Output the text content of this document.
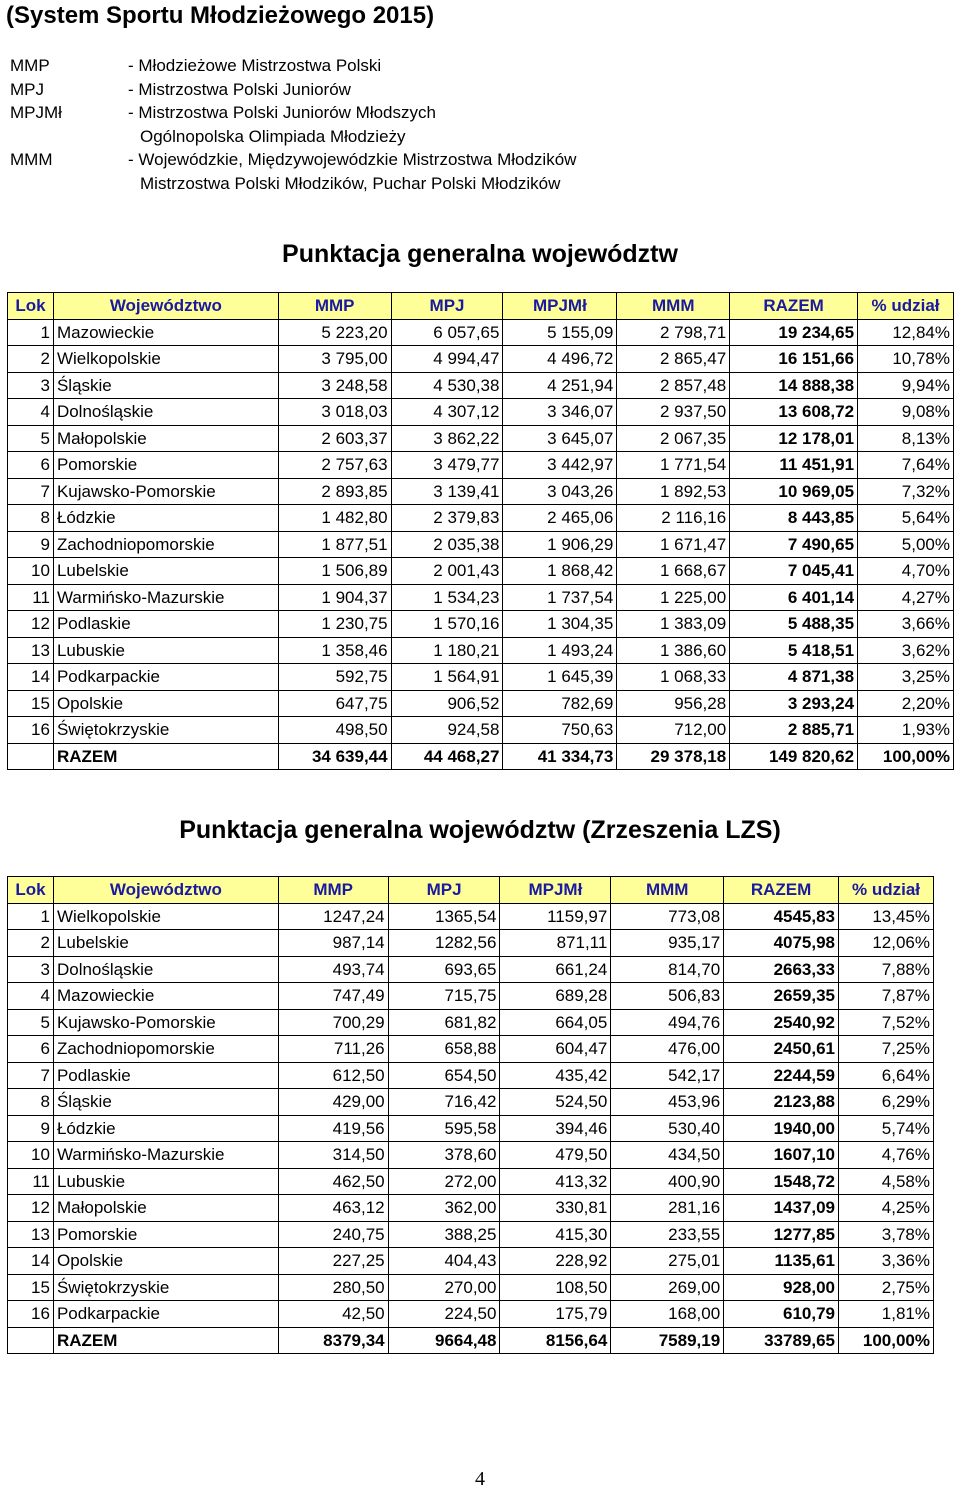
(System Sportu Młodzieżowego 2015)
MMP	- Młodzieżowe Mistrzostwa Polski
MPJ	- Mistrzostwa Polski Juniorów
MPJMł	- Mistrzostwa Polski Juniorów Młodszych
	Ogólnopolska Olimpiada Młodzieży
MMM	- Wojewódzkie, Międzywojewódzkie Mistrzostwa Młodzików
	Mistrzostwa Polski Młodzików, Puchar Polski Młodzików
Punktacja generalna województw
Lok	Województwo	MMP	MPJ	MPJMł	MMM	RAZEM	% udział
1	Mazowieckie	5 223,20	6 057,65	5 155,09	2 798,71	19 234,65	12,84%
2	Wielkopolskie	3 795,00	4 994,47	4 496,72	2 865,47	16 151,66	10,78%
3	Śląskie	3 248,58	4 530,38	4 251,94	2 857,48	14 888,38	9,94%
4	Dolnośląskie	3 018,03	4 307,12	3 346,07	2 937,50	13 608,72	9,08%
5	Małopolskie	2 603,37	3 862,22	3 645,07	2 067,35	12 178,01	8,13%
6	Pomorskie	2 757,63	3 479,77	3 442,97	1 771,54	11 451,91	7,64%
7	Kujawsko-Pomorskie	2 893,85	3 139,41	3 043,26	1 892,53	10 969,05	7,32%
8	Łódzkie	1 482,80	2 379,83	2 465,06	2 116,16	8 443,85	5,64%
9	Zachodniopomorskie	1 877,51	2 035,38	1 906,29	1 671,47	7 490,65	5,00%
10	Lubelskie	1 506,89	2 001,43	1 868,42	1 668,67	7 045,41	4,70%
11	Warmińsko-Mazurskie	1 904,37	1 534,23	1 737,54	1 225,00	6 401,14	4,27%
12	Podlaskie	1 230,75	1 570,16	1 304,35	1 383,09	5 488,35	3,66%
13	Lubuskie	1 358,46	1 180,21	1 493,24	1 386,60	5 418,51	3,62%
14	Podkarpackie	592,75	1 564,91	1 645,39	1 068,33	4 871,38	3,25%
15	Opolskie	647,75	906,52	782,69	956,28	3 293,24	2,20%
16	Świętokrzyskie	498,50	924,58	750,63	712,00	2 885,71	1,93%
	RAZEM	34 639,44	44 468,27	41 334,73	29 378,18	149 820,62	100,00%
Punktacja generalna województw (Zrzeszenia LZS)
Lok	Województwo	MMP	MPJ	MPJMł	MMM	RAZEM	% udział
1	Wielkopolskie	1247,24	1365,54	1159,97	773,08	4545,83	13,45%
2	Lubelskie	987,14	1282,56	871,11	935,17	4075,98	12,06%
3	Dolnośląskie	493,74	693,65	661,24	814,70	2663,33	7,88%
4	Mazowieckie	747,49	715,75	689,28	506,83	2659,35	7,87%
5	Kujawsko-Pomorskie	700,29	681,82	664,05	494,76	2540,92	7,52%
6	Zachodniopomorskie	711,26	658,88	604,47	476,00	2450,61	7,25%
7	Podlaskie	612,50	654,50	435,42	542,17	2244,59	6,64%
8	Śląskie	429,00	716,42	524,50	453,96	2123,88	6,29%
9	Łódzkie	419,56	595,58	394,46	530,40	1940,00	5,74%
10	Warmińsko-Mazurskie	314,50	378,60	479,50	434,50	1607,10	4,76%
11	Lubuskie	462,50	272,00	413,32	400,90	1548,72	4,58%
12	Małopolskie	463,12	362,00	330,81	281,16	1437,09	4,25%
13	Pomorskie	240,75	388,25	415,30	233,55	1277,85	3,78%
14	Opolskie	227,25	404,43	228,92	275,01	1135,61	3,36%
15	Świętokrzyskie	280,50	270,00	108,50	269,00	928,00	2,75%
16	Podkarpackie	42,50	224,50	175,79	168,00	610,79	1,81%
	RAZEM	8379,34	9664,48	8156,64	7589,19	33789,65	100,00%
4
